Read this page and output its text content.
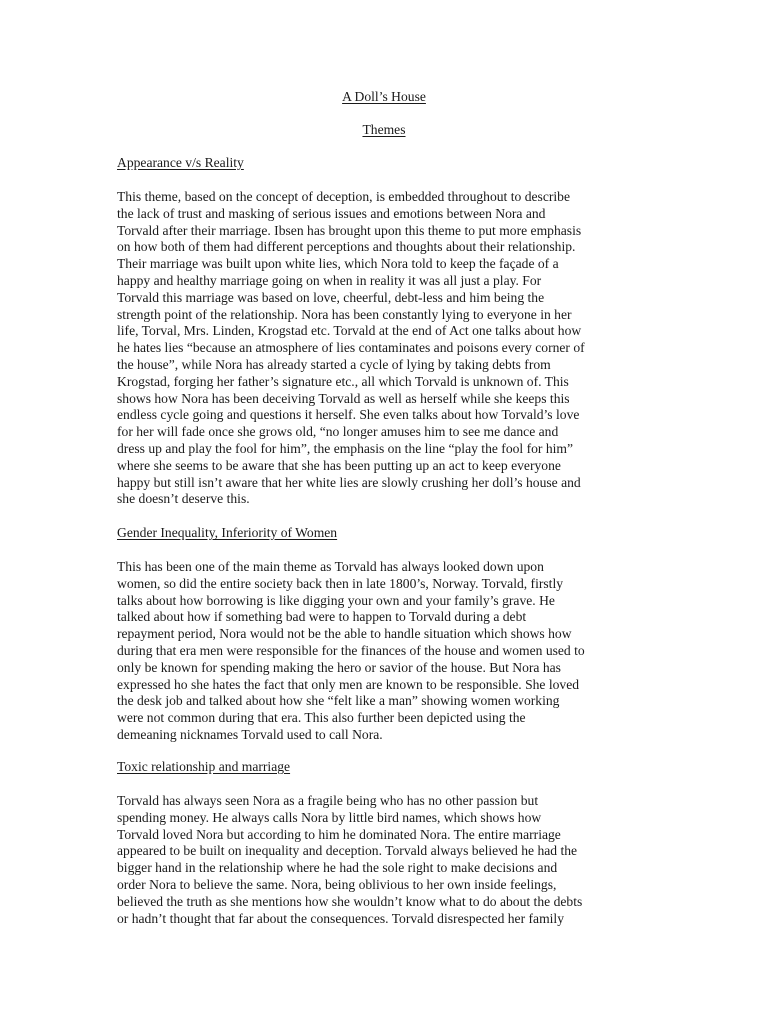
A Doll’s House
Themes
Appearance v/s Reality
This theme, based on the concept of deception, is embedded throughout to describe
the lack of trust and masking of serious issues and emotions between Nora and
Torvald after their marriage. Ibsen has brought upon this theme to put more emphasis
on how both of them had different perceptions and thoughts about their relationship.
Their marriage was built upon white lies, which Nora told to keep the façade of a
happy and healthy marriage going on when in reality it was all just a play. For
Torvald this marriage was based on love, cheerful, debt-less and him being the
strength point of the relationship. Nora has been constantly lying to everyone in her
life, Torval, Mrs. Linden, Krogstad etc. Torvald at the end of Act one talks about how
he hates lies “because an atmosphere of lies contaminates and poisons every corner of
the house”, while Nora has already started a cycle of lying by taking debts from
Krogstad, forging her father’s signature etc., all which Torvald is unknown of. This
shows how Nora has been deceiving Torvald as well as herself while she keeps this
endless cycle going and questions it herself. She even talks about how Torvald’s love
for her will fade once she grows old, “no longer amuses him to see me dance and
dress up and play the fool for him”, the emphasis on the line “play the fool for him”
where she seems to be aware that she has been putting up an act to keep everyone
happy but still isn’t aware that her white lies are slowly crushing her doll’s house and
she doesn’t deserve this.
Gender Inequality, Inferiority of Women
This has been one of the main theme as Torvald has always looked down upon
women, so did the entire society back then in late 1800’s, Norway. Torvald, firstly
talks about how borrowing is like digging your own and your family’s grave. He
talked about how if something bad were to happen to Torvald during a debt
repayment period, Nora would not be the able to handle situation which shows how
during that era men were responsible for the finances of the house and women used to
only be known for spending making the hero or savior of the house. But Nora has
expressed ho she hates the fact that only men are known to be responsible. She loved
the desk job and talked about how she “felt like a man” showing women working
were not common during that era. This also further been depicted using the
demeaning nicknames Torvald used to call Nora.
Toxic relationship and marriage
Torvald has always seen Nora as a fragile being who has no other passion but
spending money. He always calls Nora by little bird names, which shows how
Torvald loved Nora but according to him he dominated Nora. The entire marriage
appeared to be built on inequality and deception. Torvald always believed he had the
bigger hand in the relationship where he had the sole right to make decisions and
order Nora to believe the same. Nora, being oblivious to her own inside feelings,
believed the truth as she mentions how she wouldn’t know what to do about the debts
or hadn’t thought that far about the consequences. Torvald disrespected her family
